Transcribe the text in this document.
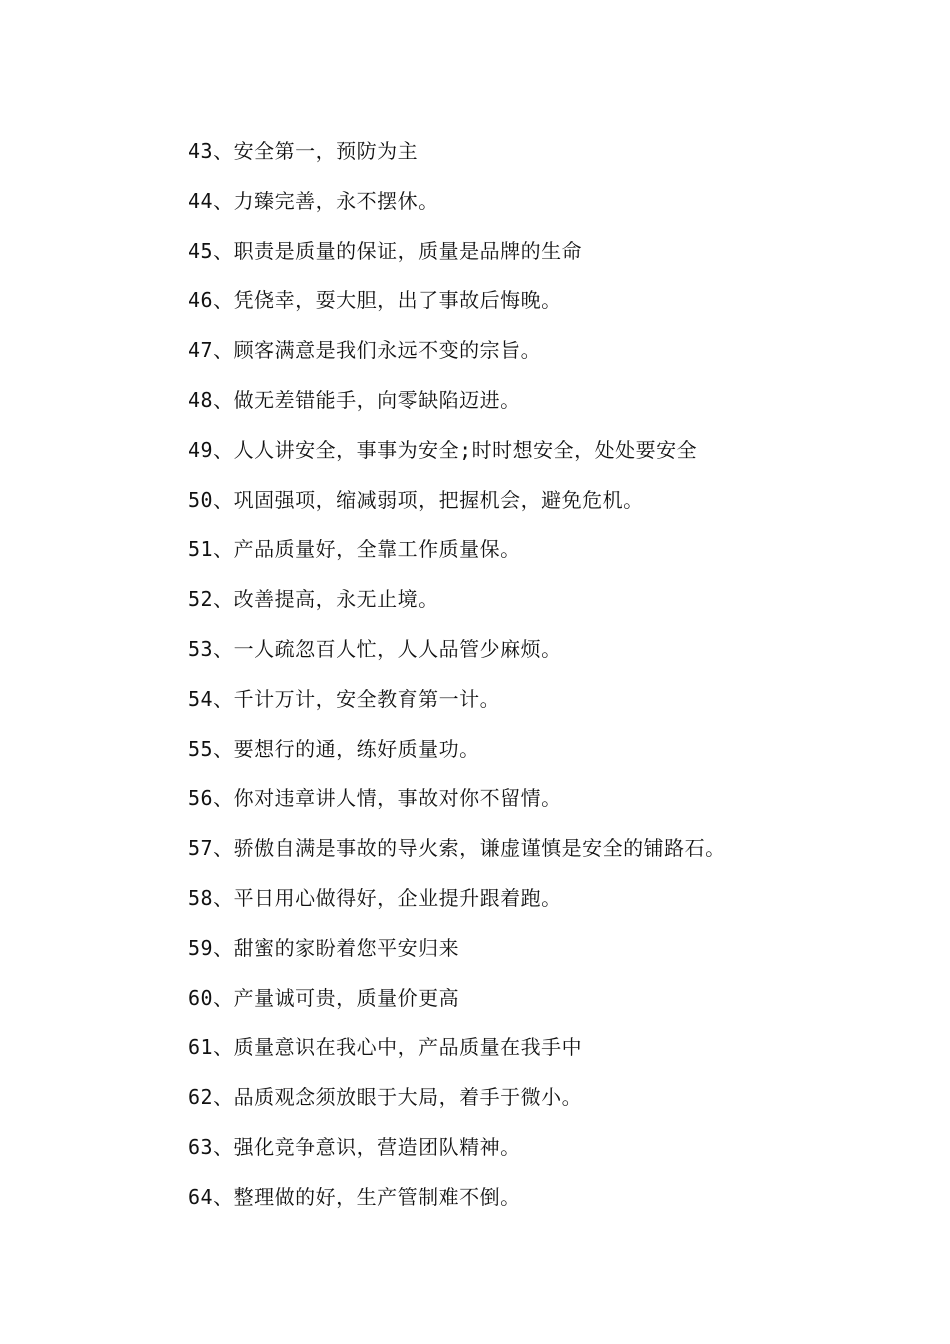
43、安全第一，预防为主
44、力臻完善，永不摆休。
45、职责是质量的保证，质量是品牌的生命
46、凭侥幸，耍大胆，出了事故后悔晚。
47、顾客满意是我们永远不变的宗旨。
48、做无差错能手，向零缺陷迈进。
49、人人讲安全，事事为安全;时时想安全，处处要安全
50、巩固强项，缩减弱项，把握机会，避免危机。
51、产品质量好，全靠工作质量保。
52、改善提高，永无止境。
53、一人疏忽百人忙，人人品管少麻烦。
54、千计万计，安全教育第一计。
55、要想行的通，练好质量功。
56、你对违章讲人情，事故对你不留情。
57、骄傲自满是事故的导火索，谦虚谨慎是安全的铺路石。
58、平日用心做得好，企业提升跟着跑。
59、甜蜜的家盼着您平安归来
60、产量诚可贵，质量价更高
61、质量意识在我心中，产品质量在我手中
62、品质观念须放眼于大局，着手于微小。
63、强化竞争意识，营造团队精神。
64、整理做的好，生产管制难不倒。
